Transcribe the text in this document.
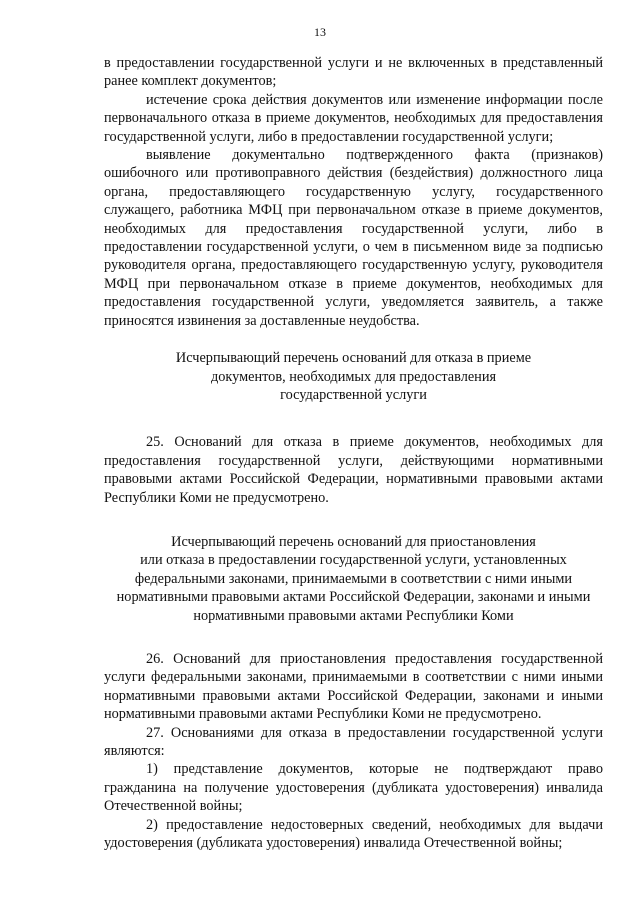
13

в предоставлении государственной услуги и не включенных в представленный ранее комплект документов;

истечение срока действия документов или изменение информации после первоначального отказа в приеме документов, необходимых для предоставления государственной услуги, либо в предоставлении государственной услуги;

выявление документально подтвержденного факта (признаков) ошибочного или противоправного действия (бездействия) должностного лица органа, предоставляющего государственную услугу, государственного служащего, работника МФЦ при первоначальном отказе в приеме документов, необходимых для предоставления государственной услуги, либо в предоставлении государственной услуги, о чем в письменном виде за подписью руководителя органа, предоставляющего государственную услугу, руководителя МФЦ при первоначальном отказе в приеме документов, необходимых для предоставления государственной услуги, уведомляется заявитель, а также приносятся извинения за доставленные неудобства.

Исчерпывающий перечень оснований для отказа в приеме
документов, необходимых для предоставления
государственной услуги

25. Оснований для отказа в приеме документов, необходимых для предоставления государственной услуги, действующими нормативными правовыми актами Российской Федерации, нормативными правовыми актами Республики Коми не предусмотрено.

Исчерпывающий перечень оснований для приостановления
или отказа в предоставлении государственной услуги, установленных
федеральными законами, принимаемыми в соответствии с ними иными
нормативными правовыми актами Российской Федерации, законами и иными
нормативными правовыми актами Республики Коми

26. Оснований для приостановления предоставления государственной услуги федеральными законами, принимаемыми в соответствии с ними иными нормативными правовыми актами Российской Федерации, законами и иными нормативными правовыми актами Республики Коми не предусмотрено.

27. Основаниями для отказа в предоставлении государственной услуги являются:

1) представление документов, которые не подтверждают право гражданина на получение удостоверения (дубликата удостоверения) инвалида Отечественной войны;

2) предоставление недостоверных сведений, необходимых для выдачи удостоверения (дубликата удостоверения) инвалида Отечественной войны;
